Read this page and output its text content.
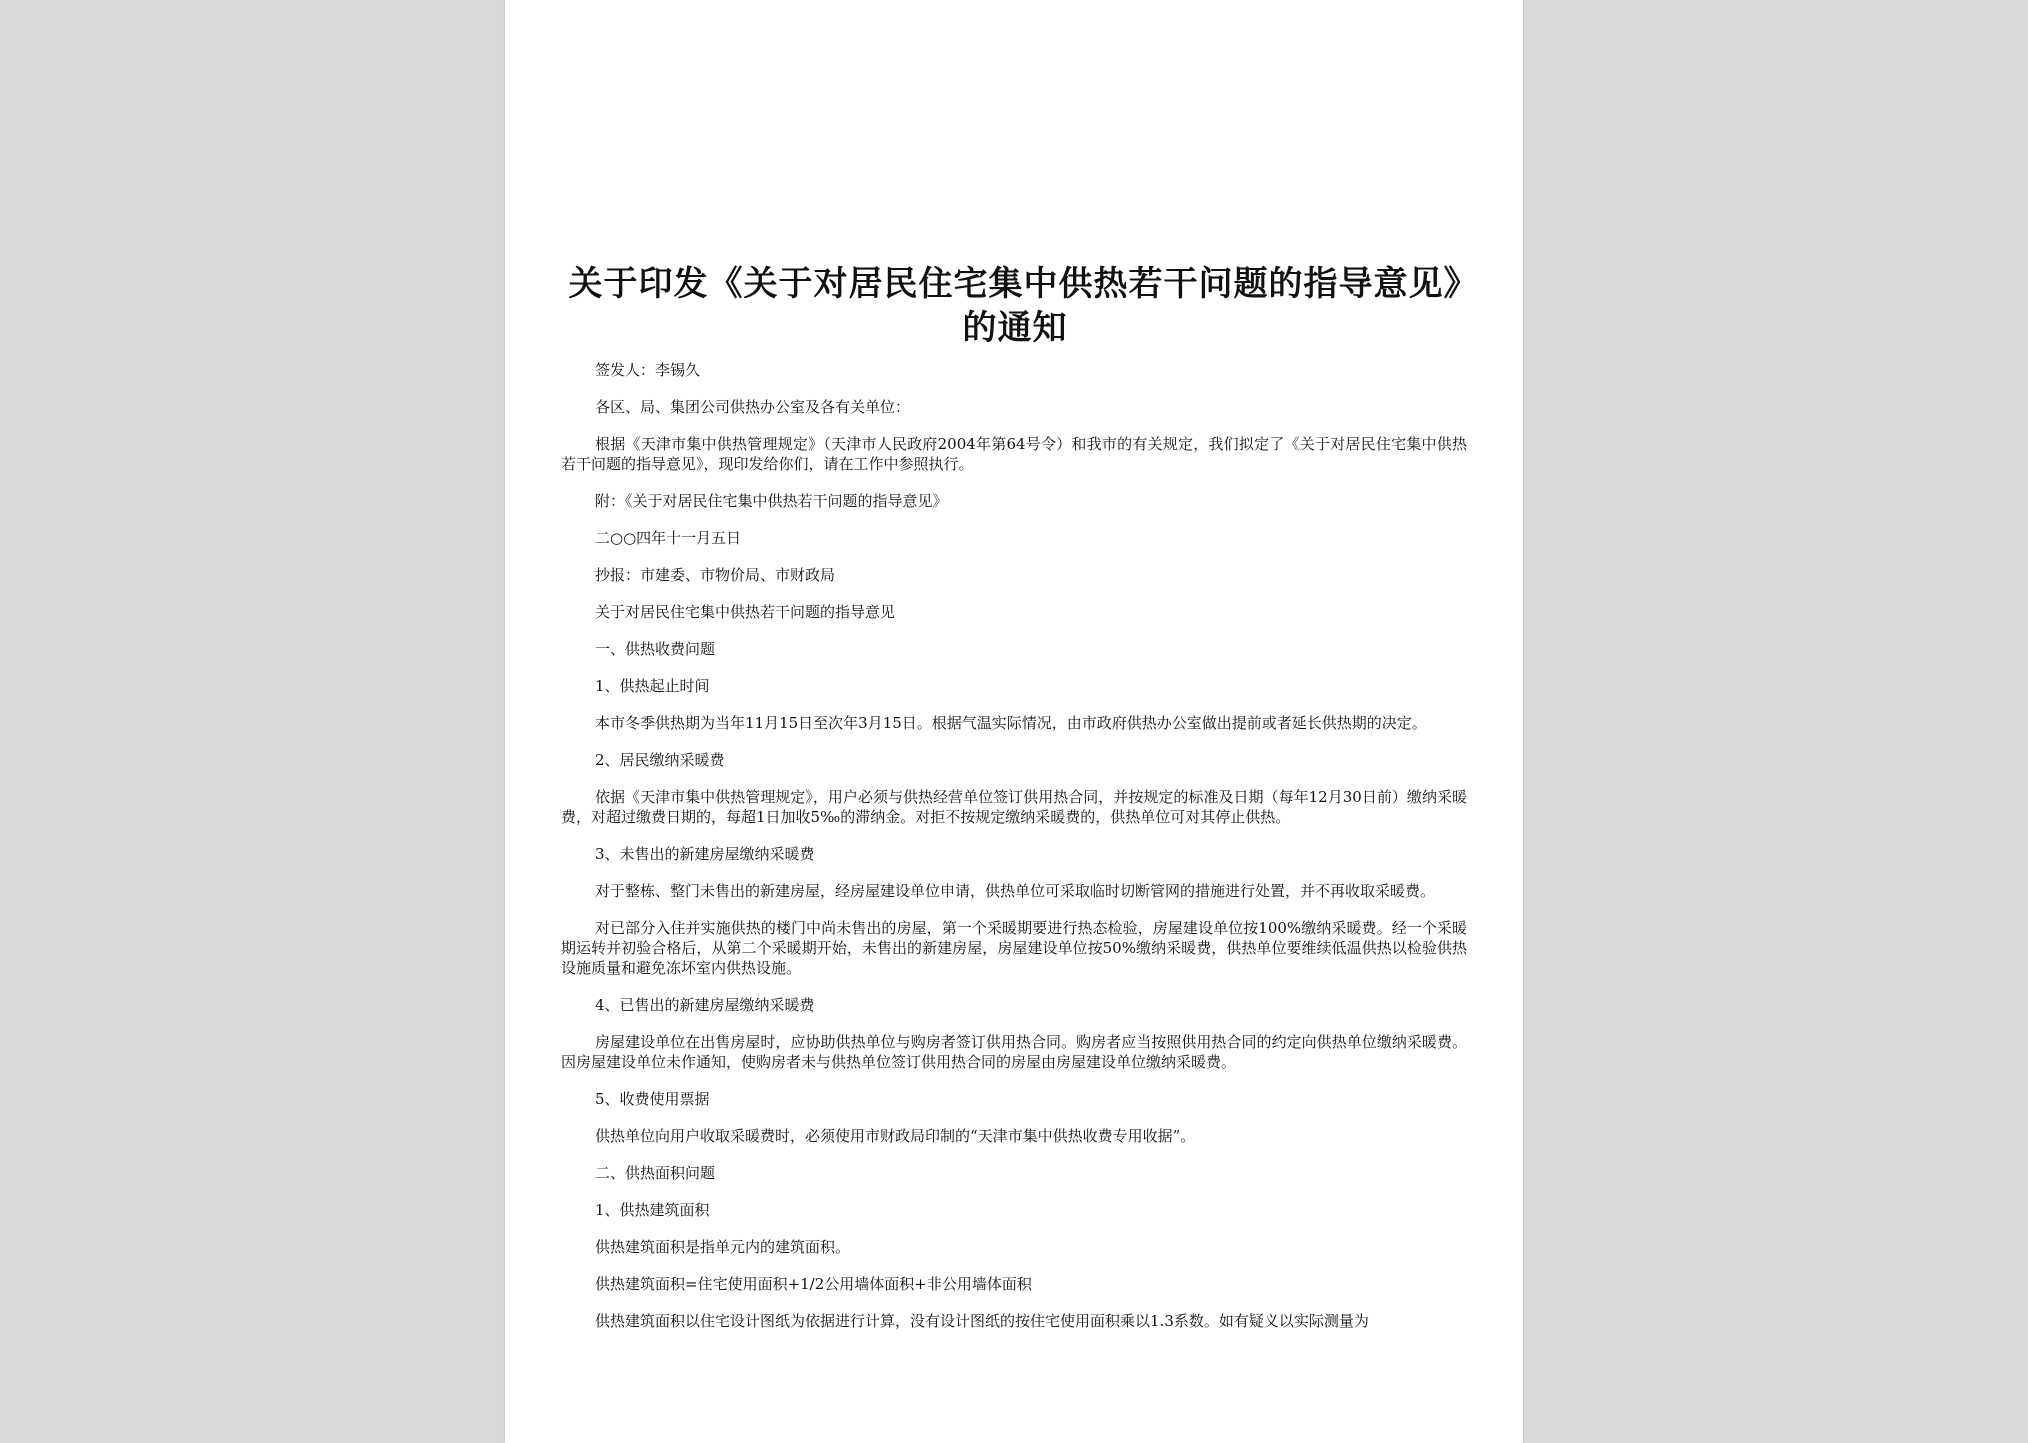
关于印发《关于对居民住宅集中供热若干问题的指导意见》的通知

签发人：李锡久

各区、局、集团公司供热办公室及各有关单位：

根据《天津市集中供热管理规定》（天津市人民政府2004年第64号令）和我市的有关规定，我们拟定了《关于对居民住宅集中供热若干问题的指导意见》，现印发给你们，请在工作中参照执行。

附：《关于对居民住宅集中供热若干问题的指导意见》

二○○四年十一月五日

抄报：市建委、市物价局、市财政局

关于对居民住宅集中供热若干问题的指导意见

一、供热收费问题

1、供热起止时间

本市冬季供热期为当年11月15日至次年3月15日。根据气温实际情况，由市政府供热办公室做出提前或者延长供热期的决定。

2、居民缴纳采暖费

依据《天津市集中供热管理规定》，用户必须与供热经营单位签订供用热合同，并按规定的标准及日期（每年12月30日前）缴纳采暖费，对超过缴费日期的，每超1日加收5‰的滞纳金。对拒不按规定缴纳采暖费的，供热单位可对其停止供热。

3、未售出的新建房屋缴纳采暖费

对于整栋、整门未售出的新建房屋，经房屋建设单位申请，供热单位可采取临时切断管网的措施进行处置，并不再收取采暖费。

对已部分入住并实施供热的楼门中尚未售出的房屋，第一个采暖期要进行热态检验，房屋建设单位按100%缴纳采暖费。经一个采暖期运转并初验合格后，从第二个采暖期开始，未售出的新建房屋，房屋建设单位按50%缴纳采暖费，供热单位要维续低温供热以检验供热设施质量和避免冻坏室内供热设施。

4、已售出的新建房屋缴纳采暖费

房屋建设单位在出售房屋时，应协助供热单位与购房者签订供用热合同。购房者应当按照供用热合同的约定向供热单位缴纳采暖费。因房屋建设单位未作通知，使购房者未与供热单位签订供用热合同的房屋由房屋建设单位缴纳采暖费。

5、收费使用票据

供热单位向用户收取采暖费时，必须使用市财政局印制的“天津市集中供热收费专用收据”。

二、供热面积问题

1、供热建筑面积

供热建筑面积是指单元内的建筑面积。

供热建筑面积=住宅使用面积+1/2公用墙体面积+非公用墙体面积

供热建筑面积以住宅设计图纸为依据进行计算，没有设计图纸的按住宅使用面积乘以1.3系数。如有疑义以实际测量为
